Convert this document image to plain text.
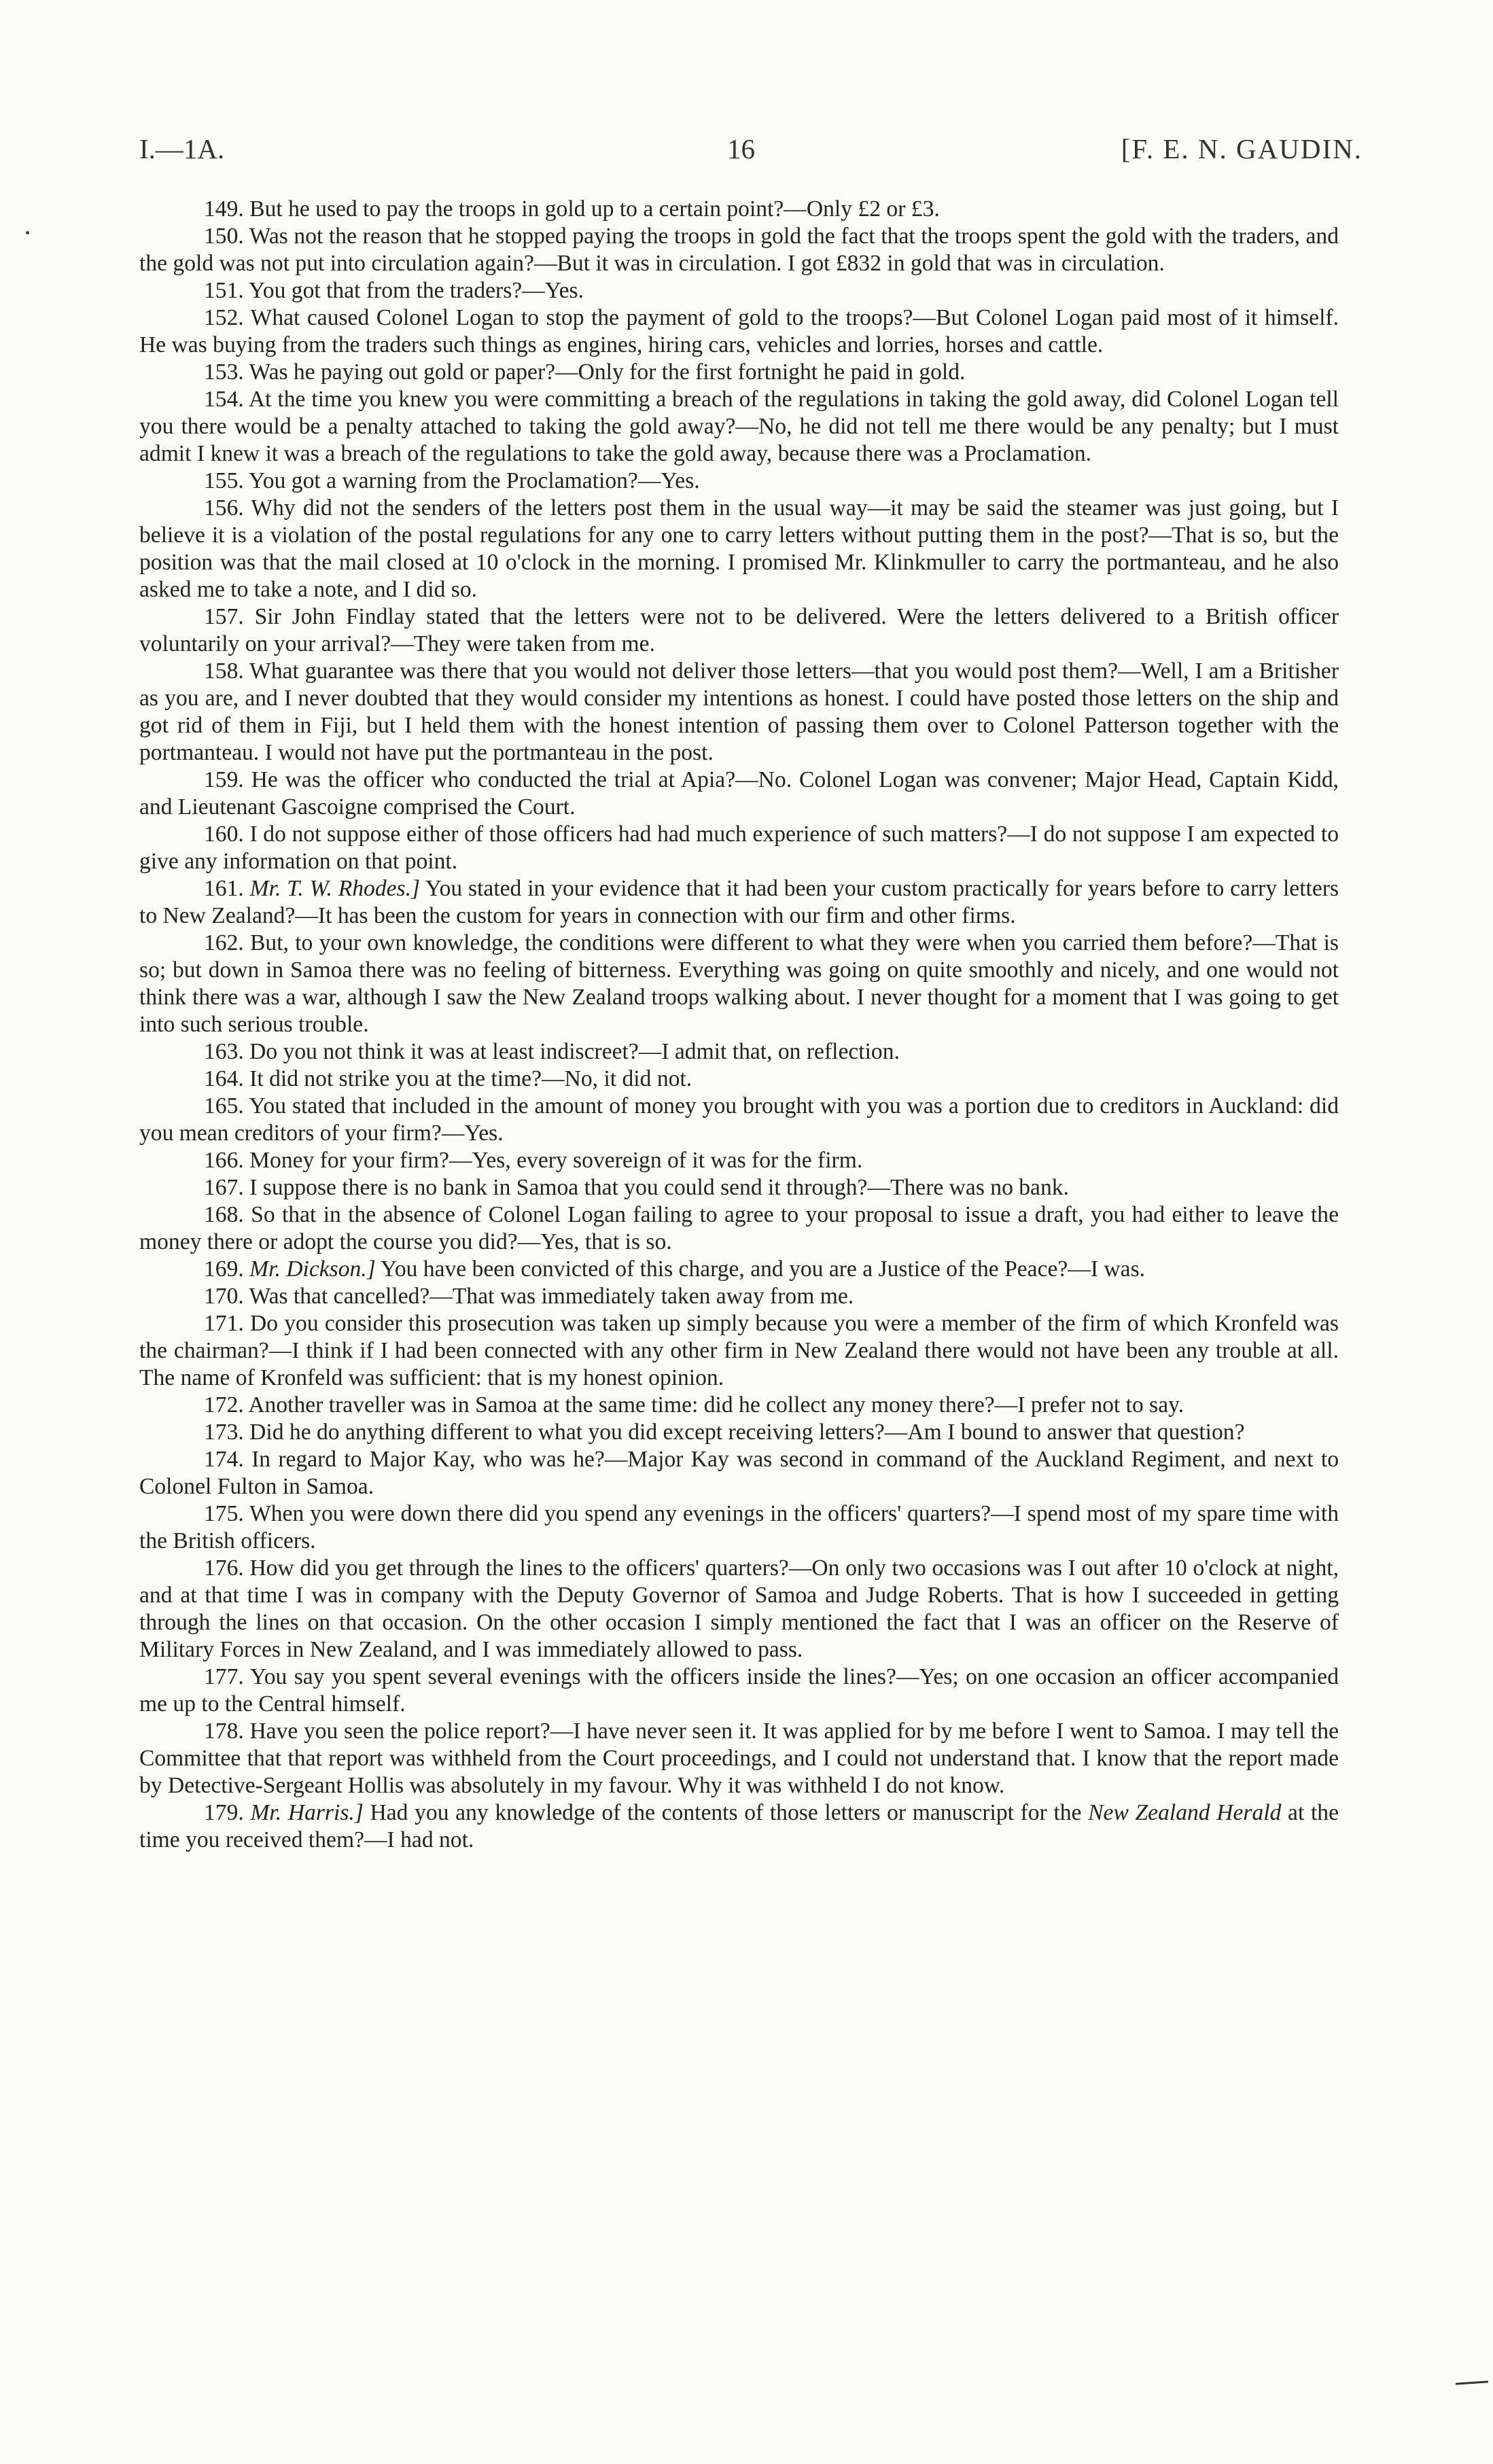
I.—1A.	16	[F. E. N. GAUDIN.

149. But he used to pay the troops in gold up to a certain point?—Only £2 or £3.

150. Was not the reason that he stopped paying the troops in gold the fact that the troops spent the gold with the traders, and the gold was not put into circulation again?—But it was in circulation. I got £832 in gold that was in circulation.

151. You got that from the traders?—Yes.

152. What caused Colonel Logan to stop the payment of gold to the troops?—But Colonel Logan paid most of it himself. He was buying from the traders such things as engines, hiring cars, vehicles and lorries, horses and cattle.

153. Was he paying out gold or paper?—Only for the first fortnight he paid in gold.

154. At the time you knew you were committing a breach of the regulations in taking the gold away, did Colonel Logan tell you there would be a penalty attached to taking the gold away?—No, he did not tell me there would be any penalty; but I must admit I knew it was a breach of the regulations to take the gold away, because there was a Proclamation.

155. You got a warning from the Proclamation?—Yes.

156. Why did not the senders of the letters post them in the usual way—it may be said the steamer was just going, but I believe it is a violation of the postal regulations for any one to carry letters without putting them in the post?—That is so, but the position was that the mail closed at 10 o'clock in the morning. I promised Mr. Klinkmuller to carry the portmanteau, and he also asked me to take a note, and I did so.

157. Sir John Findlay stated that the letters were not to be delivered. Were the letters delivered to a British officer voluntarily on your arrival?—They were taken from me.

158. What guarantee was there that you would not deliver those letters—that you would post them?—Well, I am a Britisher as you are, and I never doubted that they would consider my intentions as honest. I could have posted those letters on the ship and got rid of them in Fiji, but I held them with the honest intention of passing them over to Colonel Patterson together with the portmanteau. I would not have put the portmanteau in the post.

159. He was the officer who conducted the trial at Apia?—No. Colonel Logan was convener; Major Head, Captain Kidd, and Lieutenant Gascoigne comprised the Court.

160. I do not suppose either of those officers had had much experience of such matters?—I do not suppose I am expected to give any information on that point.

161. Mr. T. W. Rhodes.] You stated in your evidence that it had been your custom practically for years before to carry letters to New Zealand?—It has been the custom for years in connection with our firm and other firms.

162. But, to your own knowledge, the conditions were different to what they were when you carried them before?—That is so; but down in Samoa there was no feeling of bitterness. Everything was going on quite smoothly and nicely, and one would not think there was a war, although I saw the New Zealand troops walking about. I never thought for a moment that I was going to get into such serious trouble.

163. Do you not think it was at least indiscreet?—I admit that, on reflection.

164. It did not strike you at the time?—No, it did not.

165. You stated that included in the amount of money you brought with you was a portion due to creditors in Auckland: did you mean creditors of your firm?—Yes.

166. Money for your firm?—Yes, every sovereign of it was for the firm.

167. I suppose there is no bank in Samoa that you could send it through?—There was no bank.

168. So that in the absence of Colonel Logan failing to agree to your proposal to issue a draft, you had either to leave the money there or adopt the course you did?—Yes, that is so.

169. Mr. Dickson.] You have been convicted of this charge, and you are a Justice of the Peace?—I was.

170. Was that cancelled?—That was immediately taken away from me.

171. Do you consider this prosecution was taken up simply because you were a member of the firm of which Kronfeld was the chairman?—I think if I had been connected with any other firm in New Zealand there would not have been any trouble at all. The name of Kronfeld was sufficient: that is my honest opinion.

172. Another traveller was in Samoa at the same time: did he collect any money there?—I prefer not to say.

173. Did he do anything different to what you did except receiving letters?—Am I bound to answer that question?

174. In regard to Major Kay, who was he?—Major Kay was second in command of the Auckland Regiment, and next to Colonel Fulton in Samoa.

175. When you were down there did you spend any evenings in the officers' quarters?—I spend most of my spare time with the British officers.

176. How did you get through the lines to the officers' quarters?—On only two occasions was I out after 10 o'clock at night, and at that time I was in company with the Deputy Governor of Samoa and Judge Roberts. That is how I succeeded in getting through the lines on that occasion. On the other occasion I simply mentioned the fact that I was an officer on the Reserve of Military Forces in New Zealand, and I was immediately allowed to pass.

177. You say you spent several evenings with the officers inside the lines?—Yes; on one occasion an officer accompanied me up to the Central himself.

178. Have you seen the police report?—I have never seen it. It was applied for by me before I went to Samoa. I may tell the Committee that that report was withheld from the Court proceedings, and I could not understand that. I know that the report made by Detective-Sergeant Hollis was absolutely in my favour. Why it was withheld I do not know.

179. Mr. Harris.] Had you any knowledge of the contents of those letters or manuscript for the New Zealand Herald at the time you received them?—I had not.
